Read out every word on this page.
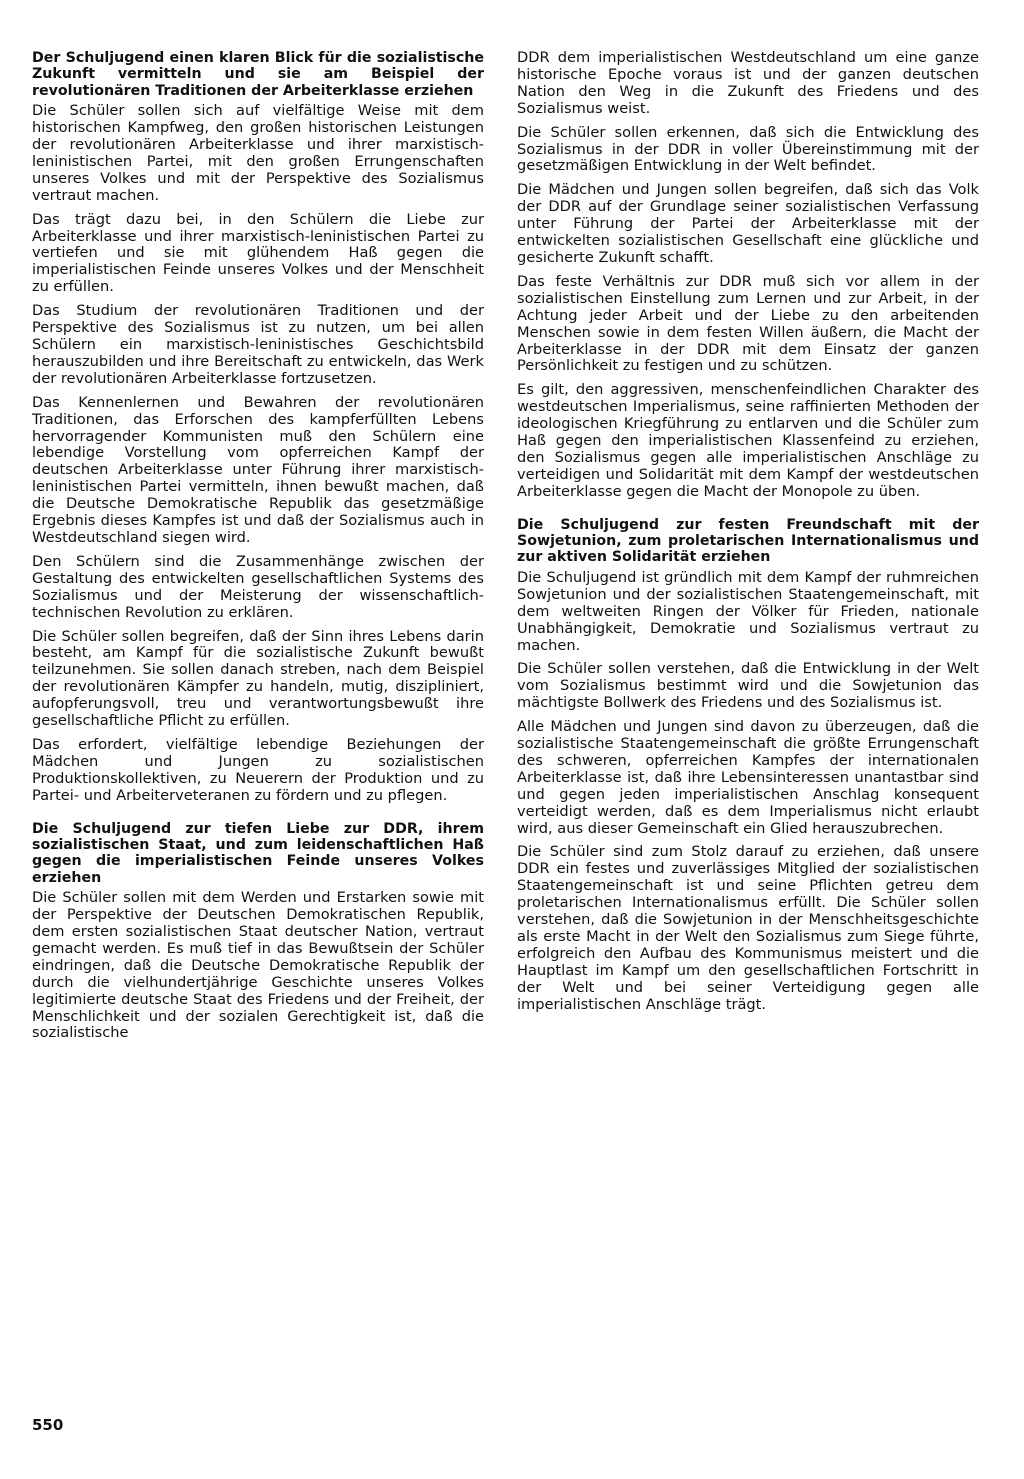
Der Schuljugend einen klaren Blick für die sozialistische Zukunft vermitteln und sie am Beispiel der revolutionären Traditionen der Arbeiterklasse erziehen

Die Schüler sollen sich auf vielfältige Weise mit dem historischen Kampfweg, den großen historischen Leistungen der revolutionären Arbeiterklasse und ihrer marxistisch-leninistischen Partei, mit den großen Errungenschaften unseres Volkes und mit der Perspektive des Sozialismus vertraut machen.

Das trägt dazu bei, in den Schülern die Liebe zur Arbeiterklasse und ihrer marxistisch-leninistischen Partei zu vertiefen und sie mit glühendem Haß gegen die imperialistischen Feinde unseres Volkes und der Menschheit zu erfüllen.

Das Studium der revolutionären Traditionen und der Perspektive des Sozialismus ist zu nutzen, um bei allen Schülern ein marxistisch-leninistisches Geschichtsbild herauszubilden und ihre Bereitschaft zu entwickeln, das Werk der revolutionären Arbeiterklasse fortzusetzen.

Das Kennenlernen und Bewahren der revolutionären Traditionen, das Erforschen des kampferfüllten Lebens hervorragender Kommunisten muß den Schülern eine lebendige Vorstellung vom opferreichen Kampf der deutschen Arbeiterklasse unter Führung ihrer marxistisch-leninistischen Partei vermitteln, ihnen bewußt machen, daß die Deutsche Demokratische Republik das gesetzmäßige Ergebnis dieses Kampfes ist und daß der Sozialismus auch in Westdeutschland siegen wird.

Den Schülern sind die Zusammenhänge zwischen der Gestaltung des entwickelten gesellschaftlichen Systems des Sozialismus und der Meisterung der wissenschaftlich-technischen Revolution zu erklären.

Die Schüler sollen begreifen, daß der Sinn ihres Lebens darin besteht, am Kampf für die sozialistische Zukunft bewußt teilzunehmen. Sie sollen danach streben, nach dem Beispiel der revolutionären Kämpfer zu handeln, mutig, diszipliniert, aufopferungsvoll, treu und verantwortungsbewußt ihre gesellschaftliche Pflicht zu erfüllen.

Das erfordert, vielfältige lebendige Beziehungen der Mädchen und Jungen zu sozialistischen Produktionskollektiven, zu Neuerern der Produktion und zu Partei- und Arbeiterveteranen zu fördern und zu pflegen.

Die Schuljugend zur tiefen Liebe zur DDR, ihrem sozialistischen Staat, und zum leidenschaftlichen Haß gegen die imperialistischen Feinde unseres Volkes erziehen

Die Schüler sollen mit dem Werden und Erstarken sowie mit der Perspektive der Deutschen Demokratischen Republik, dem ersten sozialistischen Staat deutscher Nation, vertraut gemacht werden. Es muß tief in das Bewußtsein der Schüler eindringen, daß die Deutsche Demokratische Republik der durch die vielhundertjährige Geschichte unseres Volkes legitimierte deutsche Staat des Friedens und der Freiheit, der Menschlichkeit und der sozialen Gerechtigkeit ist, daß die sozialistische

DDR dem imperialistischen Westdeutschland um eine ganze historische Epoche voraus ist und der ganzen deutschen Nation den Weg in die Zukunft des Friedens und des Sozialismus weist.

Die Schüler sollen erkennen, daß sich die Entwicklung des Sozialismus in der DDR in voller Übereinstimmung mit der gesetzmäßigen Entwicklung in der Welt befindet.

Die Mädchen und Jungen sollen begreifen, daß sich das Volk der DDR auf der Grundlage seiner sozialistischen Verfassung unter Führung der Partei der Arbeiterklasse mit der entwickelten sozialistischen Gesellschaft eine glückliche und gesicherte Zukunft schafft.

Das feste Verhältnis zur DDR muß sich vor allem in der sozialistischen Einstellung zum Lernen und zur Arbeit, in der Achtung jeder Arbeit und der Liebe zu den arbeitenden Menschen sowie in dem festen Willen äußern, die Macht der Arbeiterklasse in der DDR mit dem Einsatz der ganzen Persönlichkeit zu festigen und zu schützen.

Es gilt, den aggressiven, menschenfeindlichen Charakter des westdeutschen Imperialismus, seine raffinierten Methoden der ideologischen Kriegführung zu entlarven und die Schüler zum Haß gegen den imperialistischen Klassenfeind zu erziehen, den Sozialismus gegen alle imperialistischen Anschläge zu verteidigen und Solidarität mit dem Kampf der westdeutschen Arbeiterklasse gegen die Macht der Monopole zu üben.

Die Schuljugend zur festen Freundschaft mit der Sowjetunion, zum proletarischen Internationalismus und zur aktiven Solidarität erziehen

Die Schuljugend ist gründlich mit dem Kampf der ruhmreichen Sowjetunion und der sozialistischen Staatengemeinschaft, mit dem weltweiten Ringen der Völker für Frieden, nationale Unabhängigkeit, Demokratie und Sozialismus vertraut zu machen.

Die Schüler sollen verstehen, daß die Entwicklung in der Welt vom Sozialismus bestimmt wird und die Sowjetunion das mächtigste Bollwerk des Friedens und des Sozialismus ist.

Alle Mädchen und Jungen sind davon zu überzeugen, daß die sozialistische Staatengemeinschaft die größte Errungenschaft des schweren, opferreichen Kampfes der internationalen Arbeiterklasse ist, daß ihre Lebensinteressen unantastbar sind und gegen jeden imperialistischen Anschlag konsequent verteidigt werden, daß es dem Imperialismus nicht erlaubt wird, aus dieser Gemeinschaft ein Glied herauszubrechen.

Die Schüler sind zum Stolz darauf zu erziehen, daß unsere DDR ein festes und zuverlässiges Mitglied der sozialistischen Staatengemeinschaft ist und seine Pflichten getreu dem proletarischen Internationalismus erfüllt. Die Schüler sollen verstehen, daß die Sowjetunion in der Menschheitsgeschichte als erste Macht in der Welt den Sozialismus zum Siege führte, erfolgreich den Aufbau des Kommunismus meistert und die Hauptlast im Kampf um den gesellschaftlichen Fortschritt in der Welt und bei seiner Verteidigung gegen alle imperialistischen Anschläge trägt.

550
